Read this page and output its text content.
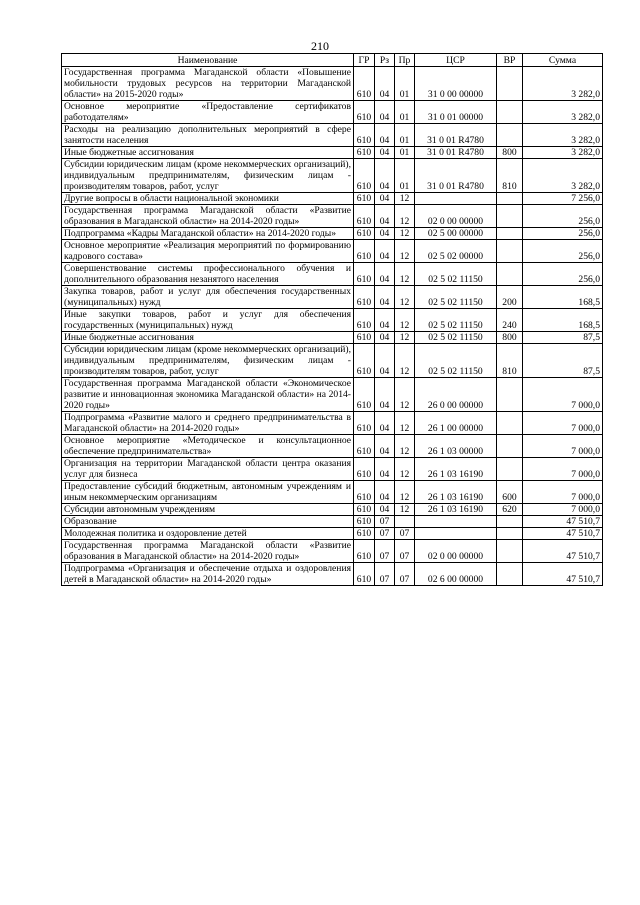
210
Наименование	ГР	Рз	Пр	ЦСР	ВР	Сумма
Государственная программа Магаданской области «Повышение мобильности трудовых ресурсов на территории Магаданской области» на 2015-2020 годы»	610	04	01	31 0 00 00000		3 282,0
Основное мероприятие «Предоставление сертификатов работодателям»	610	04	01	31 0 01 00000		3 282,0
Расходы на реализацию дополнительных мероприятий в сфере занятости населения	610	04	01	31 0 01 R4780		3 282,0
Иные бюджетные ассигнования	610	04	01	31 0 01 R4780	800	3 282,0
Субсидии юридическим лицам (кроме некоммерческих организаций), индивидуальным предпринимателям, физическим лицам - производителям товаров, работ, услуг	610	04	01	31 0 01 R4780	810	3 282,0
Другие вопросы в области национальной экономики	610	04	12			7 256,0
Государственная программа Магаданской области «Развитие образования в Магаданской области» на 2014-2020 годы»	610	04	12	02 0 00 00000		256,0
Подпрограмма «Кадры Магаданской области» на 2014-2020 годы»	610	04	12	02 5 00 00000		256,0
Основное мероприятие «Реализация мероприятий по формированию кадрового состава»	610	04	12	02 5 02 00000		256,0
Совершенствование системы профессионального обучения и дополнительного образования незанятого населения	610	04	12	02 5 02 11150		256,0
Закупка товаров, работ и услуг для обеспечения государственных (муниципальных) нужд	610	04	12	02 5 02 11150	200	168,5
Иные закупки товаров, работ и услуг для обеспечения государственных (муниципальных) нужд	610	04	12	02 5 02 11150	240	168,5
Иные бюджетные ассигнования	610	04	12	02 5 02 11150	800	87,5
Субсидии юридическим лицам (кроме некоммерческих организаций), индивидуальным предпринимателям, физическим лицам - производителям товаров, работ, услуг	610	04	12	02 5 02 11150	810	87,5
Государственная программа Магаданской области «Экономическое развитие и инновационная экономика Магаданской области» на 2014-2020 годы»	610	04	12	26 0 00 00000		7 000,0
Подпрограмма «Развитие малого и среднего предпринимательства в Магаданской области» на 2014-2020 годы»	610	04	12	26 1 00 00000		7 000,0
Основное мероприятие «Методическое и консультационное обеспечение предпринимательства»	610	04	12	26 1 03 00000		7 000,0
Организация на территории Магаданской области центра оказания услуг для бизнеса	610	04	12	26 1 03 16190		7 000,0
Предоставление субсидий бюджетным, автономным учреждениям и иным некоммерческим организациям	610	04	12	26 1 03 16190	600	7 000,0
Субсидии автономным учреждениям	610	04	12	26 1 03 16190	620	7 000,0
Образование	610	07				47 510,7
Молодежная политика и оздоровление детей	610	07	07			47 510,7
Государственная программа Магаданской области «Развитие образования в Магаданской области» на 2014-2020 годы»	610	07	07	02 0 00 00000		47 510,7
Подпрограмма «Организация и обеспечение отдыха и оздоровления детей в Магаданской области» на 2014-2020 годы»	610	07	07	02 6 00 00000		47 510,7
